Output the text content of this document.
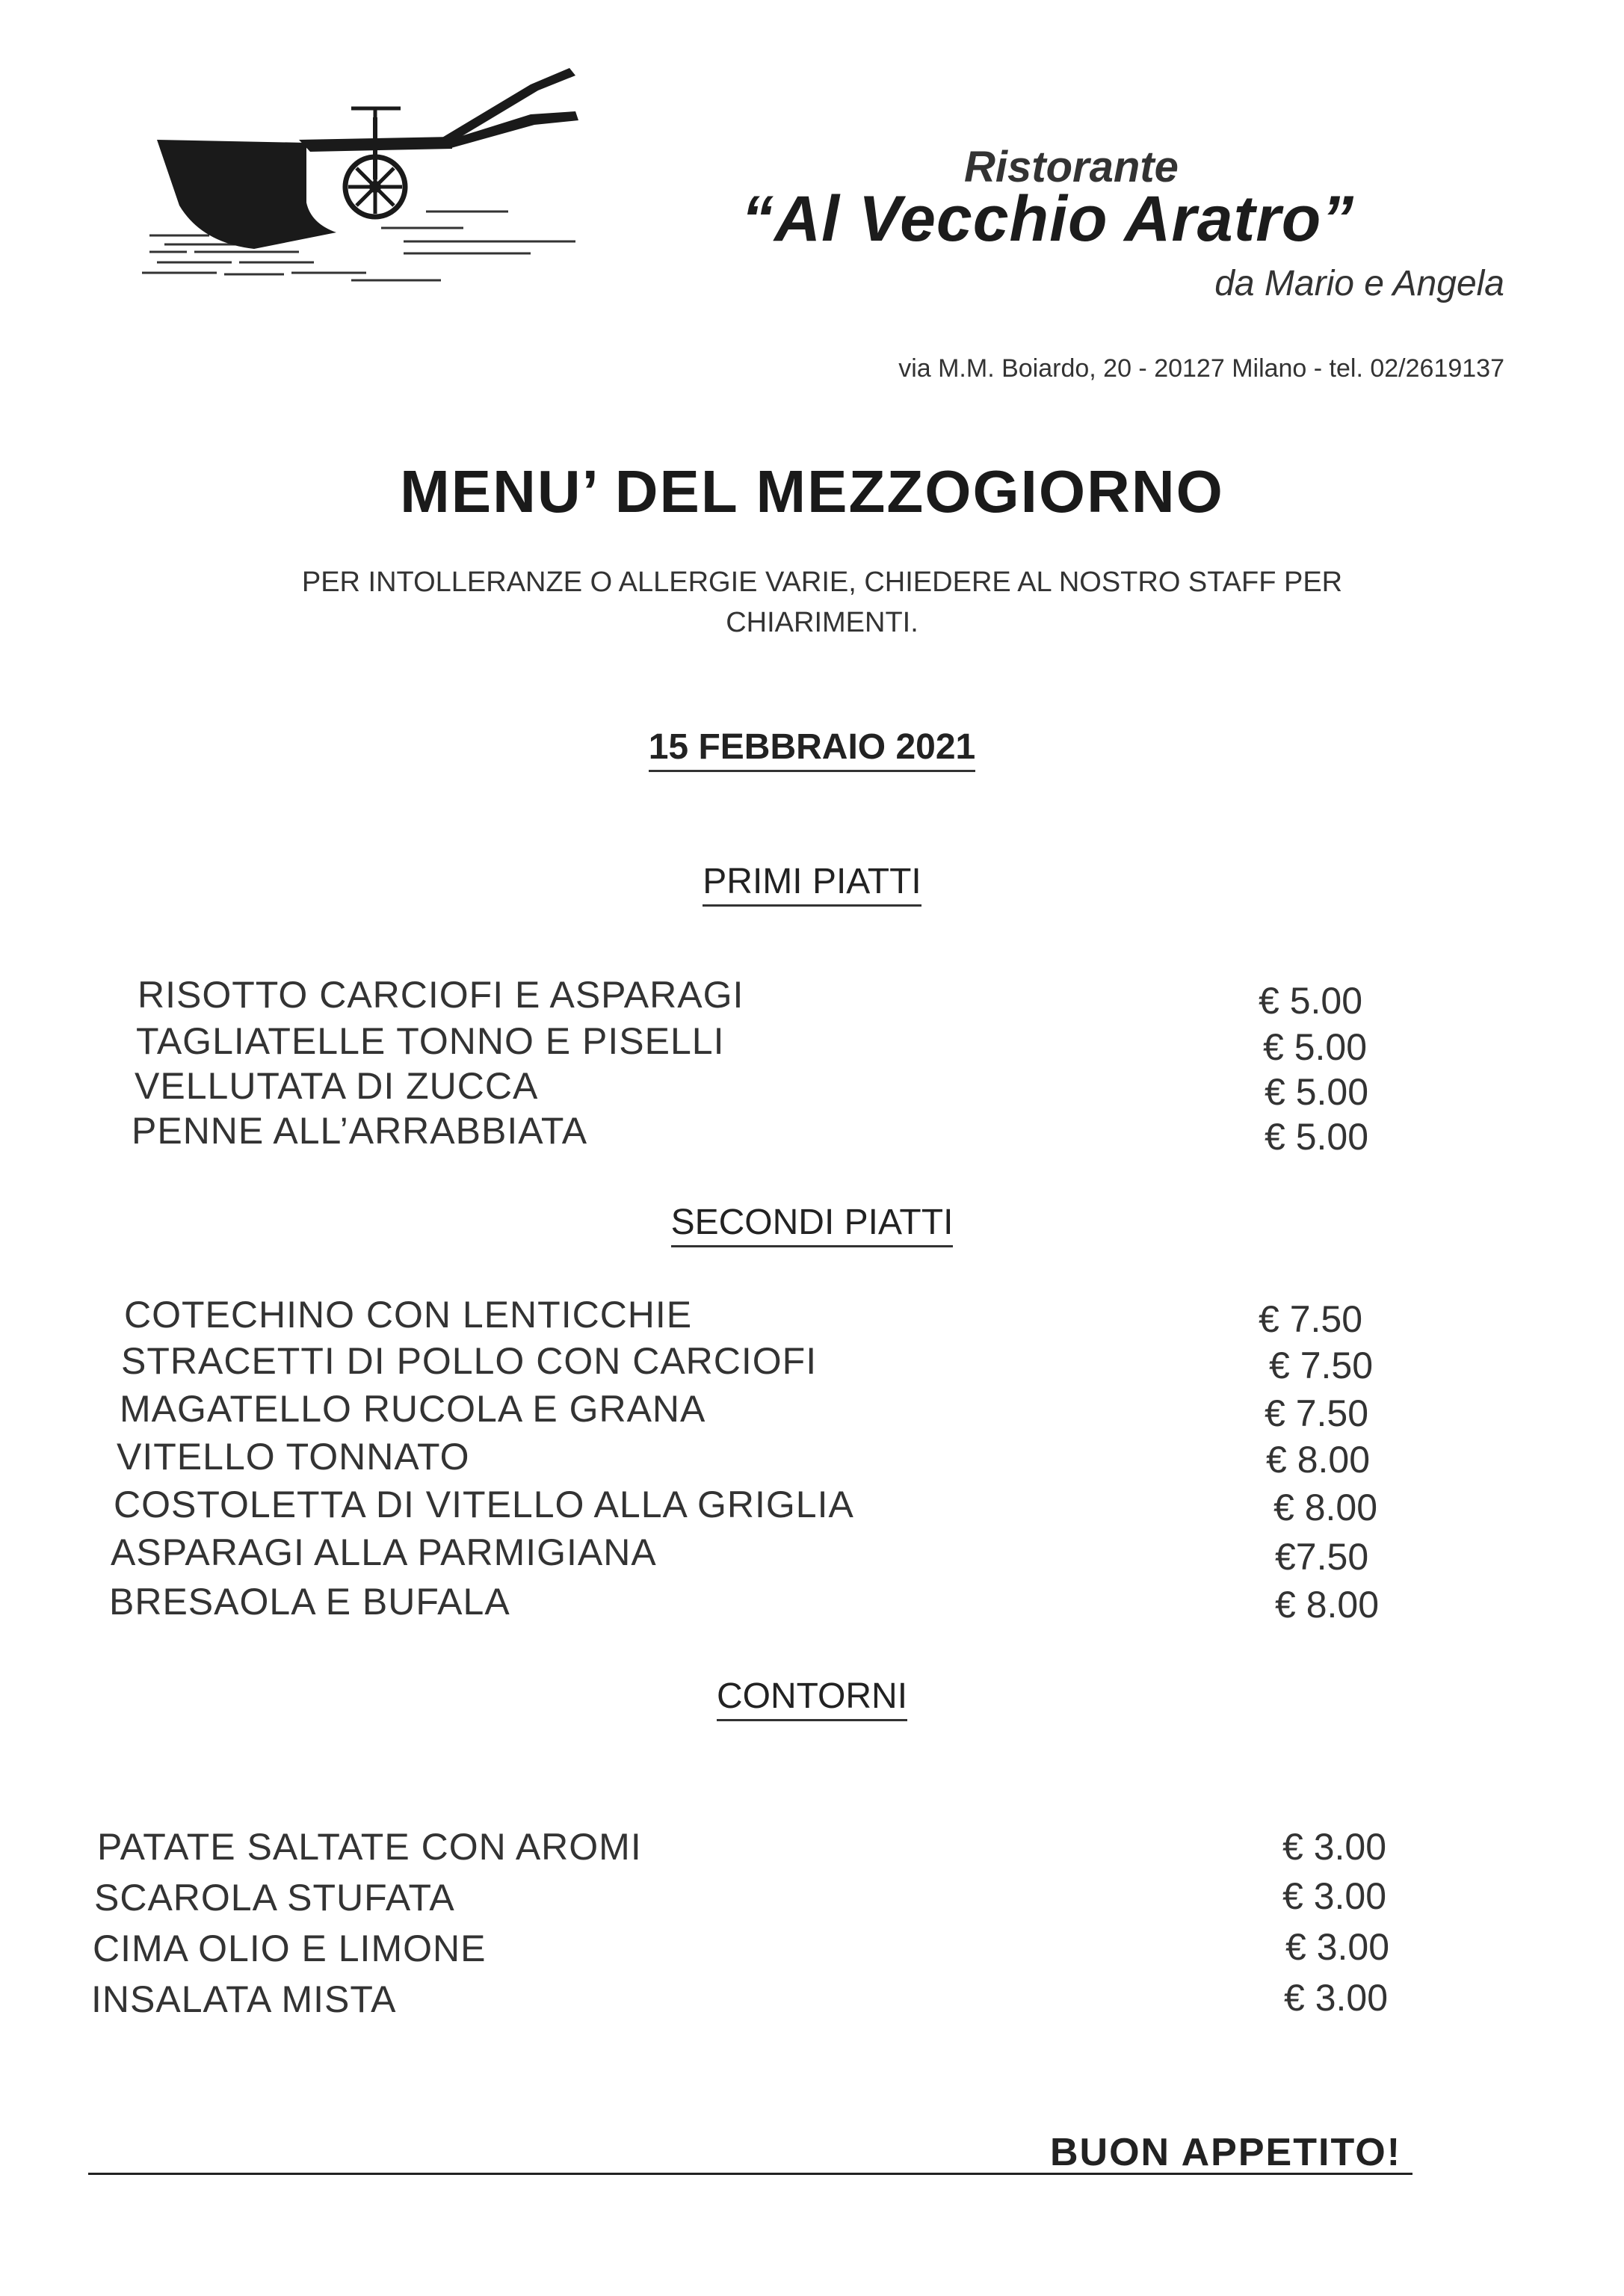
Ristorante
“Al Vecchio Aratro”
da Mario e Angela
via M.M. Boiardo, 20 - 20127 Milano - tel. 02/2619137
MENU’ DEL MEZZOGIORNO
PER INTOLLERANZE O ALLERGIE VARIE, CHIEDERE AL NOSTRO STAFF PER CHIARIMENTI.
15 FEBBRAIO 2021
PRIMI PIATTI
RISOTTO CARCIOFI E ASPARAGI	€ 5.00
TAGLIATELLE TONNO E PISELLI	€ 5.00
VELLUTATA DI ZUCCA	€ 5.00
PENNE ALL’ARRABBIATA	€ 5.00
SECONDI PIATTI
COTECHINO CON LENTICCHIE	€ 7.50
STRACETTI DI POLLO CON CARCIOFI	€ 7.50
MAGATELLO RUCOLA E GRANA	€ 7.50
VITELLO TONNATO	€ 8.00
COSTOLETTA DI VITELLO ALLA GRIGLIA	€ 8.00
ASPARAGI ALLA PARMIGIANA	€7.50
BRESAOLA E BUFALA	€ 8.00
CONTORNI
PATATE SALTATE CON AROMI	€ 3.00
SCAROLA STUFATA	€ 3.00
CIMA OLIO E LIMONE	€ 3.00
INSALATA MISTA	€ 3.00
BUON APPETITO!
